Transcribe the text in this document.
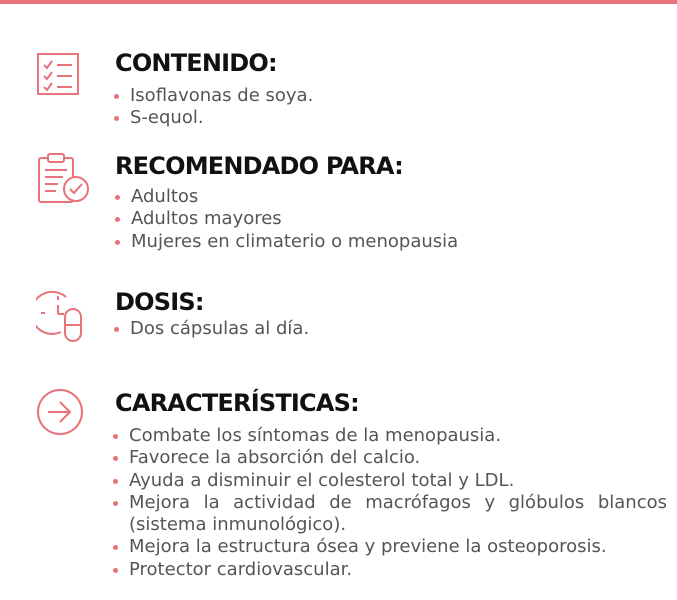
CONTENIDO:
Isoflavonas de soya.
S-equol.
RECOMENDADO PARA:
Adultos
Adultos mayores
Mujeres en climaterio o menopausia
DOSIS:
Dos cápsulas al día.
CARACTERÍSTICAS:
Combate los síntomas de la menopausia.
Favorece la absorción del calcio.
Ayuda a disminuir el colesterol total y LDL.
Mejora la actividad de macrófagos y glóbulos blancos (sistema inmunológico).
Mejora la estructura ósea y previene la osteoporosis.
Protector cardiovascular.
